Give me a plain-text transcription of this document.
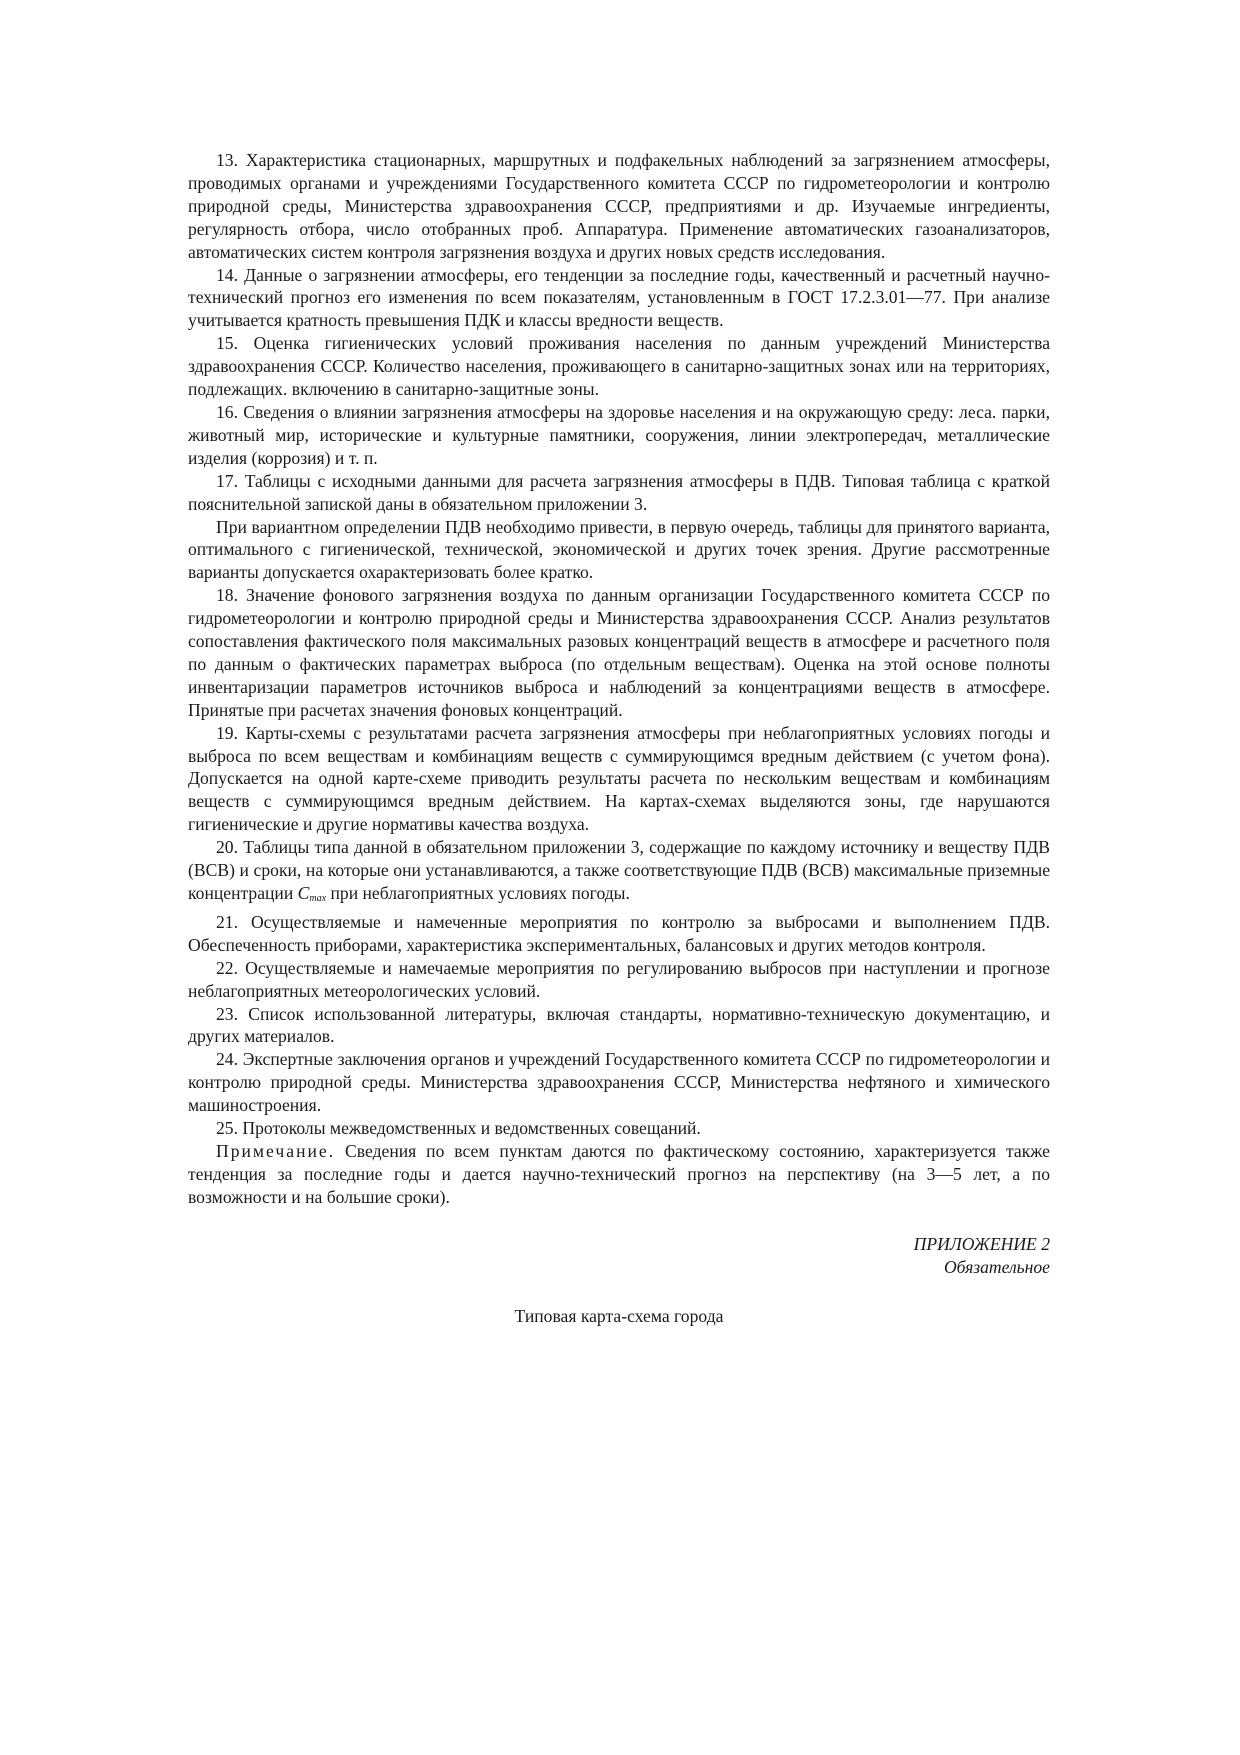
13. Характеристика стационарных, маршрутных и подфакельных наблюдений за загрязнением атмосферы, проводимых органами и учреждениями Государственного комитета СССР по гидрометеорологии и контролю природной среды, Министерства здравоохранения СССР, предприятиями и др. Изучаемые ингредиенты, регулярность отбора, число отобранных проб. Аппаратура. Применение автоматических газоанализаторов, автоматических систем контроля загрязнения воздуха и других новых средств исследования.

14. Данные о загрязнении атмосферы, его тенденции за последние годы, качественный и расчетный научно-технический прогноз его изменения по всем показателям, установленным в ГОСТ 17.2.3.01—77. При анализе учитывается кратность превышения ПДК и классы вредности веществ.

15. Оценка гигиенических условий проживания населения по данным учреждений Министерства здравоохранения СССР. Количество населения, проживающего в санитарно-защитных зонах или на территориях, подлежащих. включению в санитарно-защитные зоны.

16. Сведения о влиянии загрязнения атмосферы на здоровье населения и на окружающую среду: леса. парки, животный мир, исторические и культурные памятники, сооружения, линии электропередач, металлические изделия (коррозия) и т. п.

17. Таблицы с исходными данными для расчета загрязнения атмосферы в ПДВ. Типовая таблица с краткой пояснительной запиской даны в обязательном приложении 3.

При вариантном определении ПДВ необходимо привести, в первую очередь, таблицы для принятого варианта, оптимального с гигиенической, технической, экономической и других точек зрения. Другие рассмотренные варианты допускается охарактеризовать более кратко.

18. Значение фонового загрязнения воздуха по данным организации Государственного комитета СССР по гидрометеорологии и контролю природной среды и Министерства здравоохранения СССР. Анализ результатов сопоставления фактического поля максимальных разовых концентраций веществ в атмосфере и расчетного поля по данным о фактических параметрах выброса (по отдельным веществам). Оценка на этой основе полноты инвентаризации параметров источников выброса и наблюдений за концентрациями веществ в атмосфере. Принятые при расчетах значения фоновых концентраций.

19. Карты-схемы с результатами расчета загрязнения атмосферы при неблагоприятных условиях погоды и выброса по всем веществам и комбинациям веществ с суммирующимся вредным действием (с учетом фона). Допускается на одной карте-схеме приводить результаты расчета по нескольким веществам и комбинациям веществ с суммирующимся вредным действием. На картах-схемах выделяются зоны, где нарушаются гигиенические и другие нормативы качества воздуха.

20. Таблицы типа данной в обязательном приложении 3, содержащие по каждому источнику и веществу ПДВ (ВСВ) и сроки, на которые они устанавливаются, а также соответствующие ПДВ (ВСВ) максимальные приземные концентрации $C_{max}$ при неблагоприятных условиях погоды.

21. Осуществляемые и намеченные мероприятия по контролю за выбросами и выполнением ПДВ. Обеспеченность приборами, характеристика экспериментальных, балансовых и других методов контроля.

22. Осуществляемые и намечаемые мероприятия по регулированию выбросов при наступлении и прогнозе неблагоприятных метеорологических условий.

23. Список использованной литературы, включая стандарты, нормативно-техническую документацию, и других материалов.

24. Экспертные заключения органов и учреждений Государственного комитета СССР по гидрометеорологии и контролю природной среды. Министерства здравоохранения СССР, Министерства нефтяного и химического машиностроения.

25. Протоколы межведомственных и ведомственных совещаний.

Примечание. Сведения по всем пунктам даются по фактическому состоянию, характеризуется также тенденция за последние годы и дается научно-технический прогноз на перспективу (на 3—5 лет, а по возможности и на большие сроки).

ПРИЛОЖЕНИЕ 2
Обязательное
Типовая карта-схема города
